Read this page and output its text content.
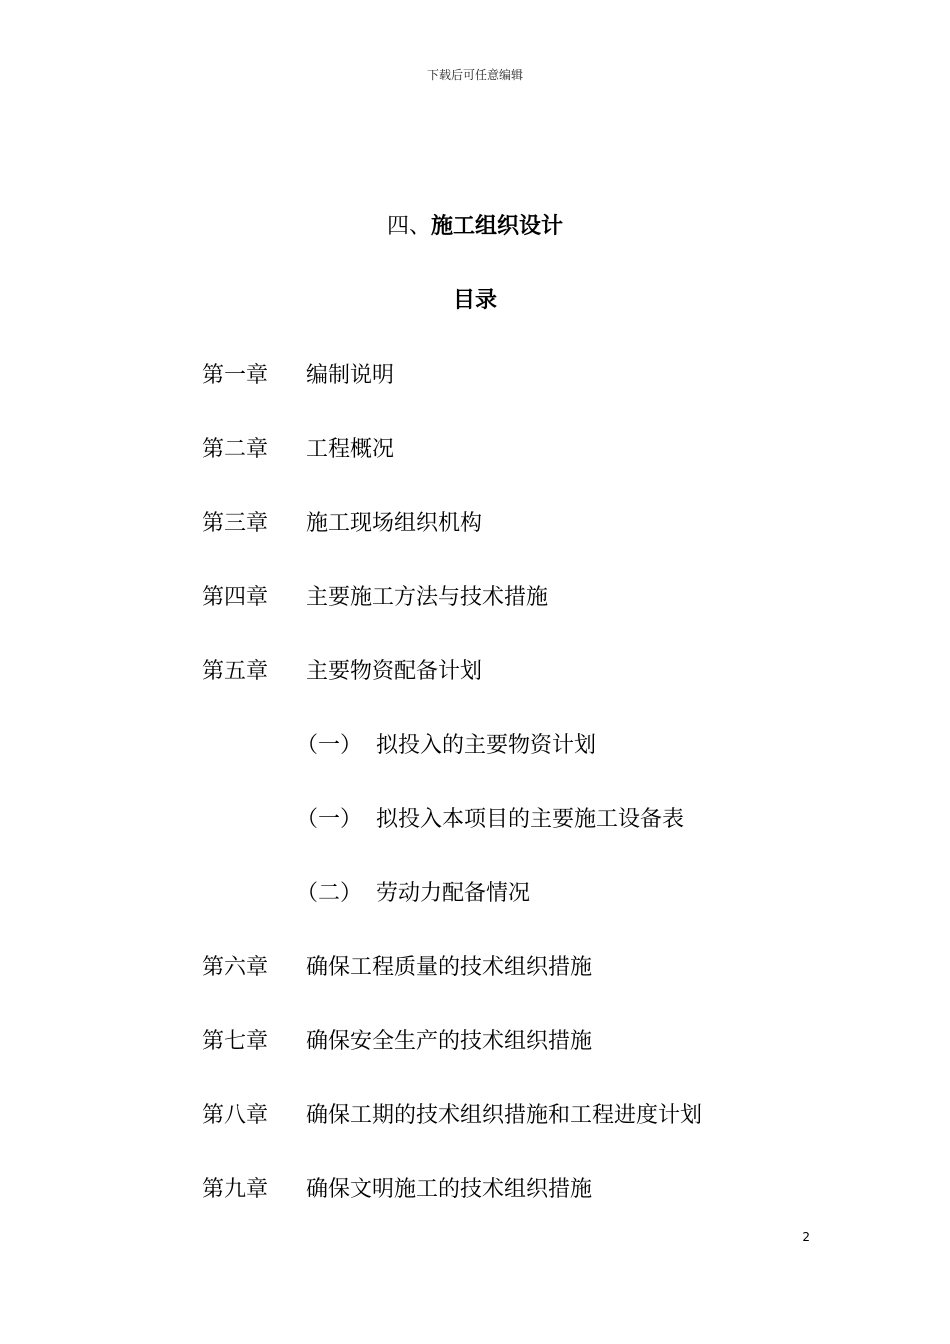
下载后可任意编辑
四、施工组织设计
目录
第一章 编制说明
第二章 工程概况
第三章 施工现场组织机构
第四章 主要施工方法与技术措施
第五章 主要物资配备计划
（一） 拟投入的主要物资计划
（一） 拟投入本项目的主要施工设备表
（二） 劳动力配备情况
第六章 确保工程质量的技术组织措施
第七章 确保安全生产的技术组织措施
第八章 确保工期的技术组织措施和工程进度计划
第九章 确保文明施工的技术组织措施
2
